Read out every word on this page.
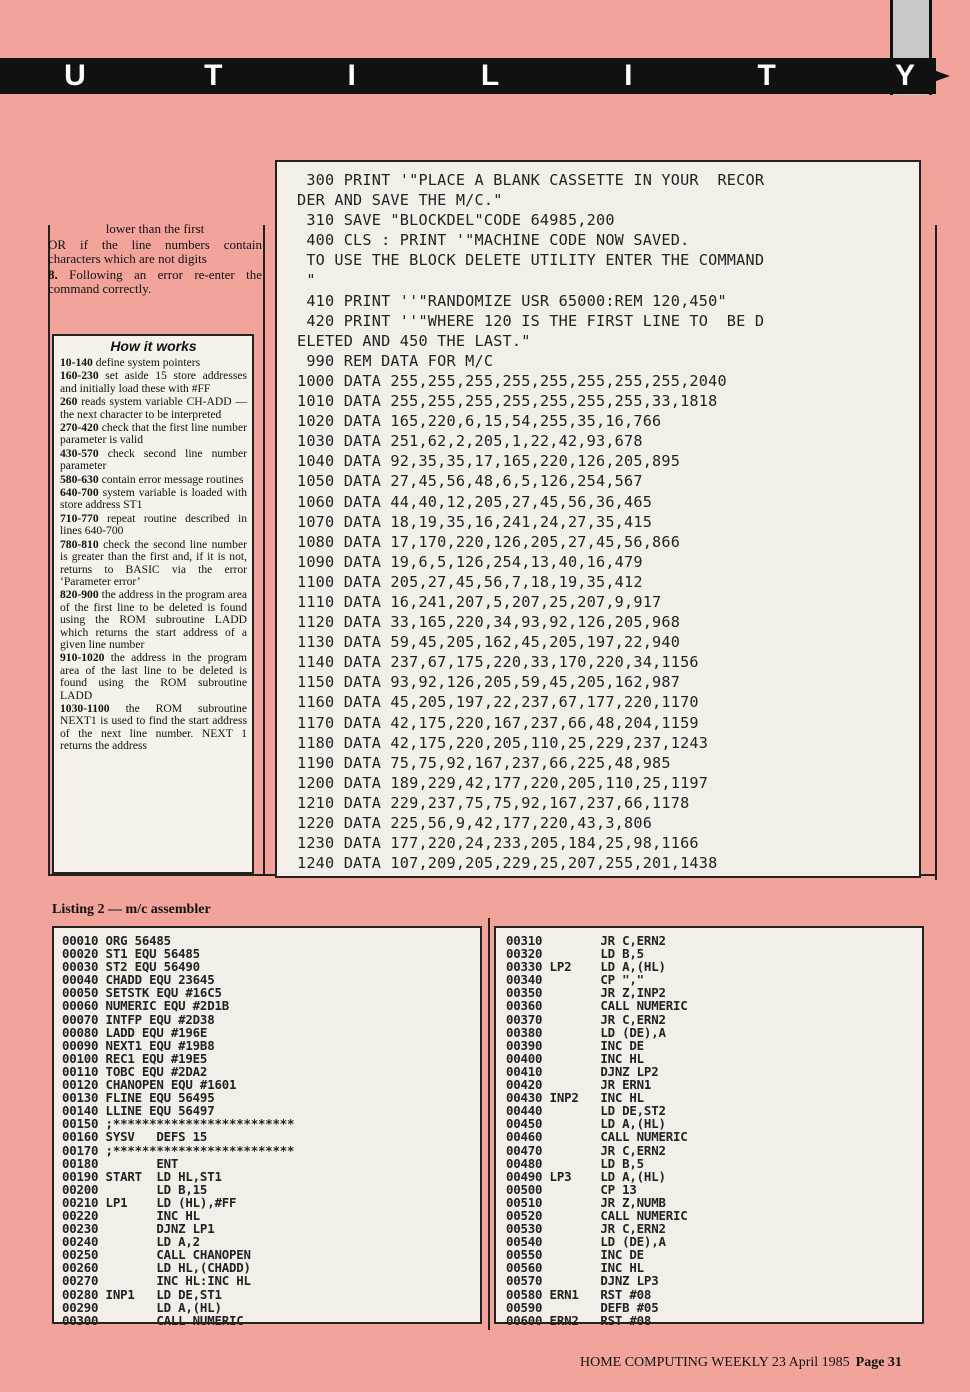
U	T	I	L	I	T	Y

lower than the first

OR if the line numbers contain characters which are not digits

8. Following an error re-enter the command correctly.

How it works
10-140 define system pointers
160-230 set aside 15 store addresses and initially load these with #FF
260 reads system variable CH-ADD — the next character to be interpreted
270-420 check that the first line number parameter is valid
430-570 check second line number parameter
580-630 contain error message routines
640-700 system variable is loaded with store address ST1
710-770 repeat routine described in lines 640-700
780-810 check the second line number is greater than the first and, if it is not, returns to BASIC via the error ‘Parameter error’
820-900 the address in the program area of the first line to be deleted is found using the ROM subroutine LADD which returns the start address of a given line number
910-1020 the address in the program area of the last line to be deleted is found using the ROM subroutine LADD
1030-1100 the ROM subroutine NEXT1 is used to find the start address of the next line number. NEXT 1 returns the address
300 PRINT '"PLACE A BLANK CASSETTE IN YOUR  RECOR
DER AND SAVE THE M/C."
310 SAVE "BLOCKDEL"CODE 64985,200
400 CLS : PRINT '"MACHINE CODE NOW SAVED.
TO USE THE BLOCK DELETE UTILITY ENTER THE COMMAND
"
410 PRINT ''"RANDOMIZE USR 65000:REM 120,450"
420 PRINT ''"WHERE 120 IS THE FIRST LINE TO  BE D
ELETED AND 450 THE LAST."
990 REM DATA FOR M/C
1000 DATA 255,255,255,255,255,255,255,255,2040
1010 DATA 255,255,255,255,255,255,255,33,1818
1020 DATA 165,220,6,15,54,255,35,16,766
1030 DATA 251,62,2,205,1,22,42,93,678
1040 DATA 92,35,35,17,165,220,126,205,895
1050 DATA 27,45,56,48,6,5,126,254,567
1060 DATA 44,40,12,205,27,45,56,36,465
1070 DATA 18,19,35,16,241,24,27,35,415
1080 DATA 17,170,220,126,205,27,45,56,866
1090 DATA 19,6,5,126,254,13,40,16,479
1100 DATA 205,27,45,56,7,18,19,35,412
1110 DATA 16,241,207,5,207,25,207,9,917
1120 DATA 33,165,220,34,93,92,126,205,968
1130 DATA 59,45,205,162,45,205,197,22,940
1140 DATA 237,67,175,220,33,170,220,34,1156
1150 DATA 93,92,126,205,59,45,205,162,987
1160 DATA 45,205,197,22,237,67,177,220,1170
1170 DATA 42,175,220,167,237,66,48,204,1159
1180 DATA 42,175,220,205,110,25,229,237,1243
1190 DATA 75,75,92,167,237,66,225,48,985
1200 DATA 189,229,42,177,220,205,110,25,1197
1210 DATA 229,237,75,75,92,167,237,66,1178
1220 DATA 225,56,9,42,177,220,43,3,806
1230 DATA 177,220,24,233,205,184,25,98,1166
1240 DATA 107,209,205,229,25,207,255,201,1438
Listing 2 — m/c assembler
00010 ORG 56485
00020 ST1 EQU 56485
00030 ST2 EQU 56490
00040 CHADD EQU 23645
00050 SETSTK EQU #16C5
00060 NUMERIC EQU #2D1B
00070 INTFP EQU #2D38
00080 LADD EQU #196E
00090 NEXT1 EQU #19B8
00100 REC1 EQU #19E5
00110 TOBC EQU #2DA2
00120 CHANOPEN EQU #1601
00130 FLINE EQU 56495
00140 LLINE EQU 56497
00150 ;*************************
00160 SYSV   DEFS 15
00170 ;*************************
00180        ENT
00190 START  LD HL,ST1
00200        LD B,15
00210 LP1    LD (HL),#FF
00220        INC HL
00230        DJNZ LP1
00240        LD A,2
00250        CALL CHANOPEN
00260        LD HL,(CHADD)
00270        INC HL:INC HL
00280 INP1   LD DE,ST1
00290        LD A,(HL)
00300        CALL NUMERIC
00310        JR C,ERN2
00320        LD B,5
00330 LP2    LD A,(HL)
00340        CP ","
00350        JR Z,INP2
00360        CALL NUMERIC
00370        JR C,ERN2
00380        LD (DE),A
00390        INC DE
00400        INC HL
00410        DJNZ LP2
00420        JR ERN1
00430 INP2   INC HL
00440        LD DE,ST2
00450        LD A,(HL)
00460        CALL NUMERIC
00470        JR C,ERN2
00480        LD B,5
00490 LP3    LD A,(HL)
00500        CP 13
00510        JR Z,NUMB
00520        CALL NUMERIC
00530        JR C,ERN2
00540        LD (DE),A
00550        INC DE
00560        INC HL
00570        DJNZ LP3
00580 ERN1   RST #08
00590        DEFB #05
00600 ERN2   RST #08
HOME COMPUTING WEEKLY 23 April 1985 Page 31
